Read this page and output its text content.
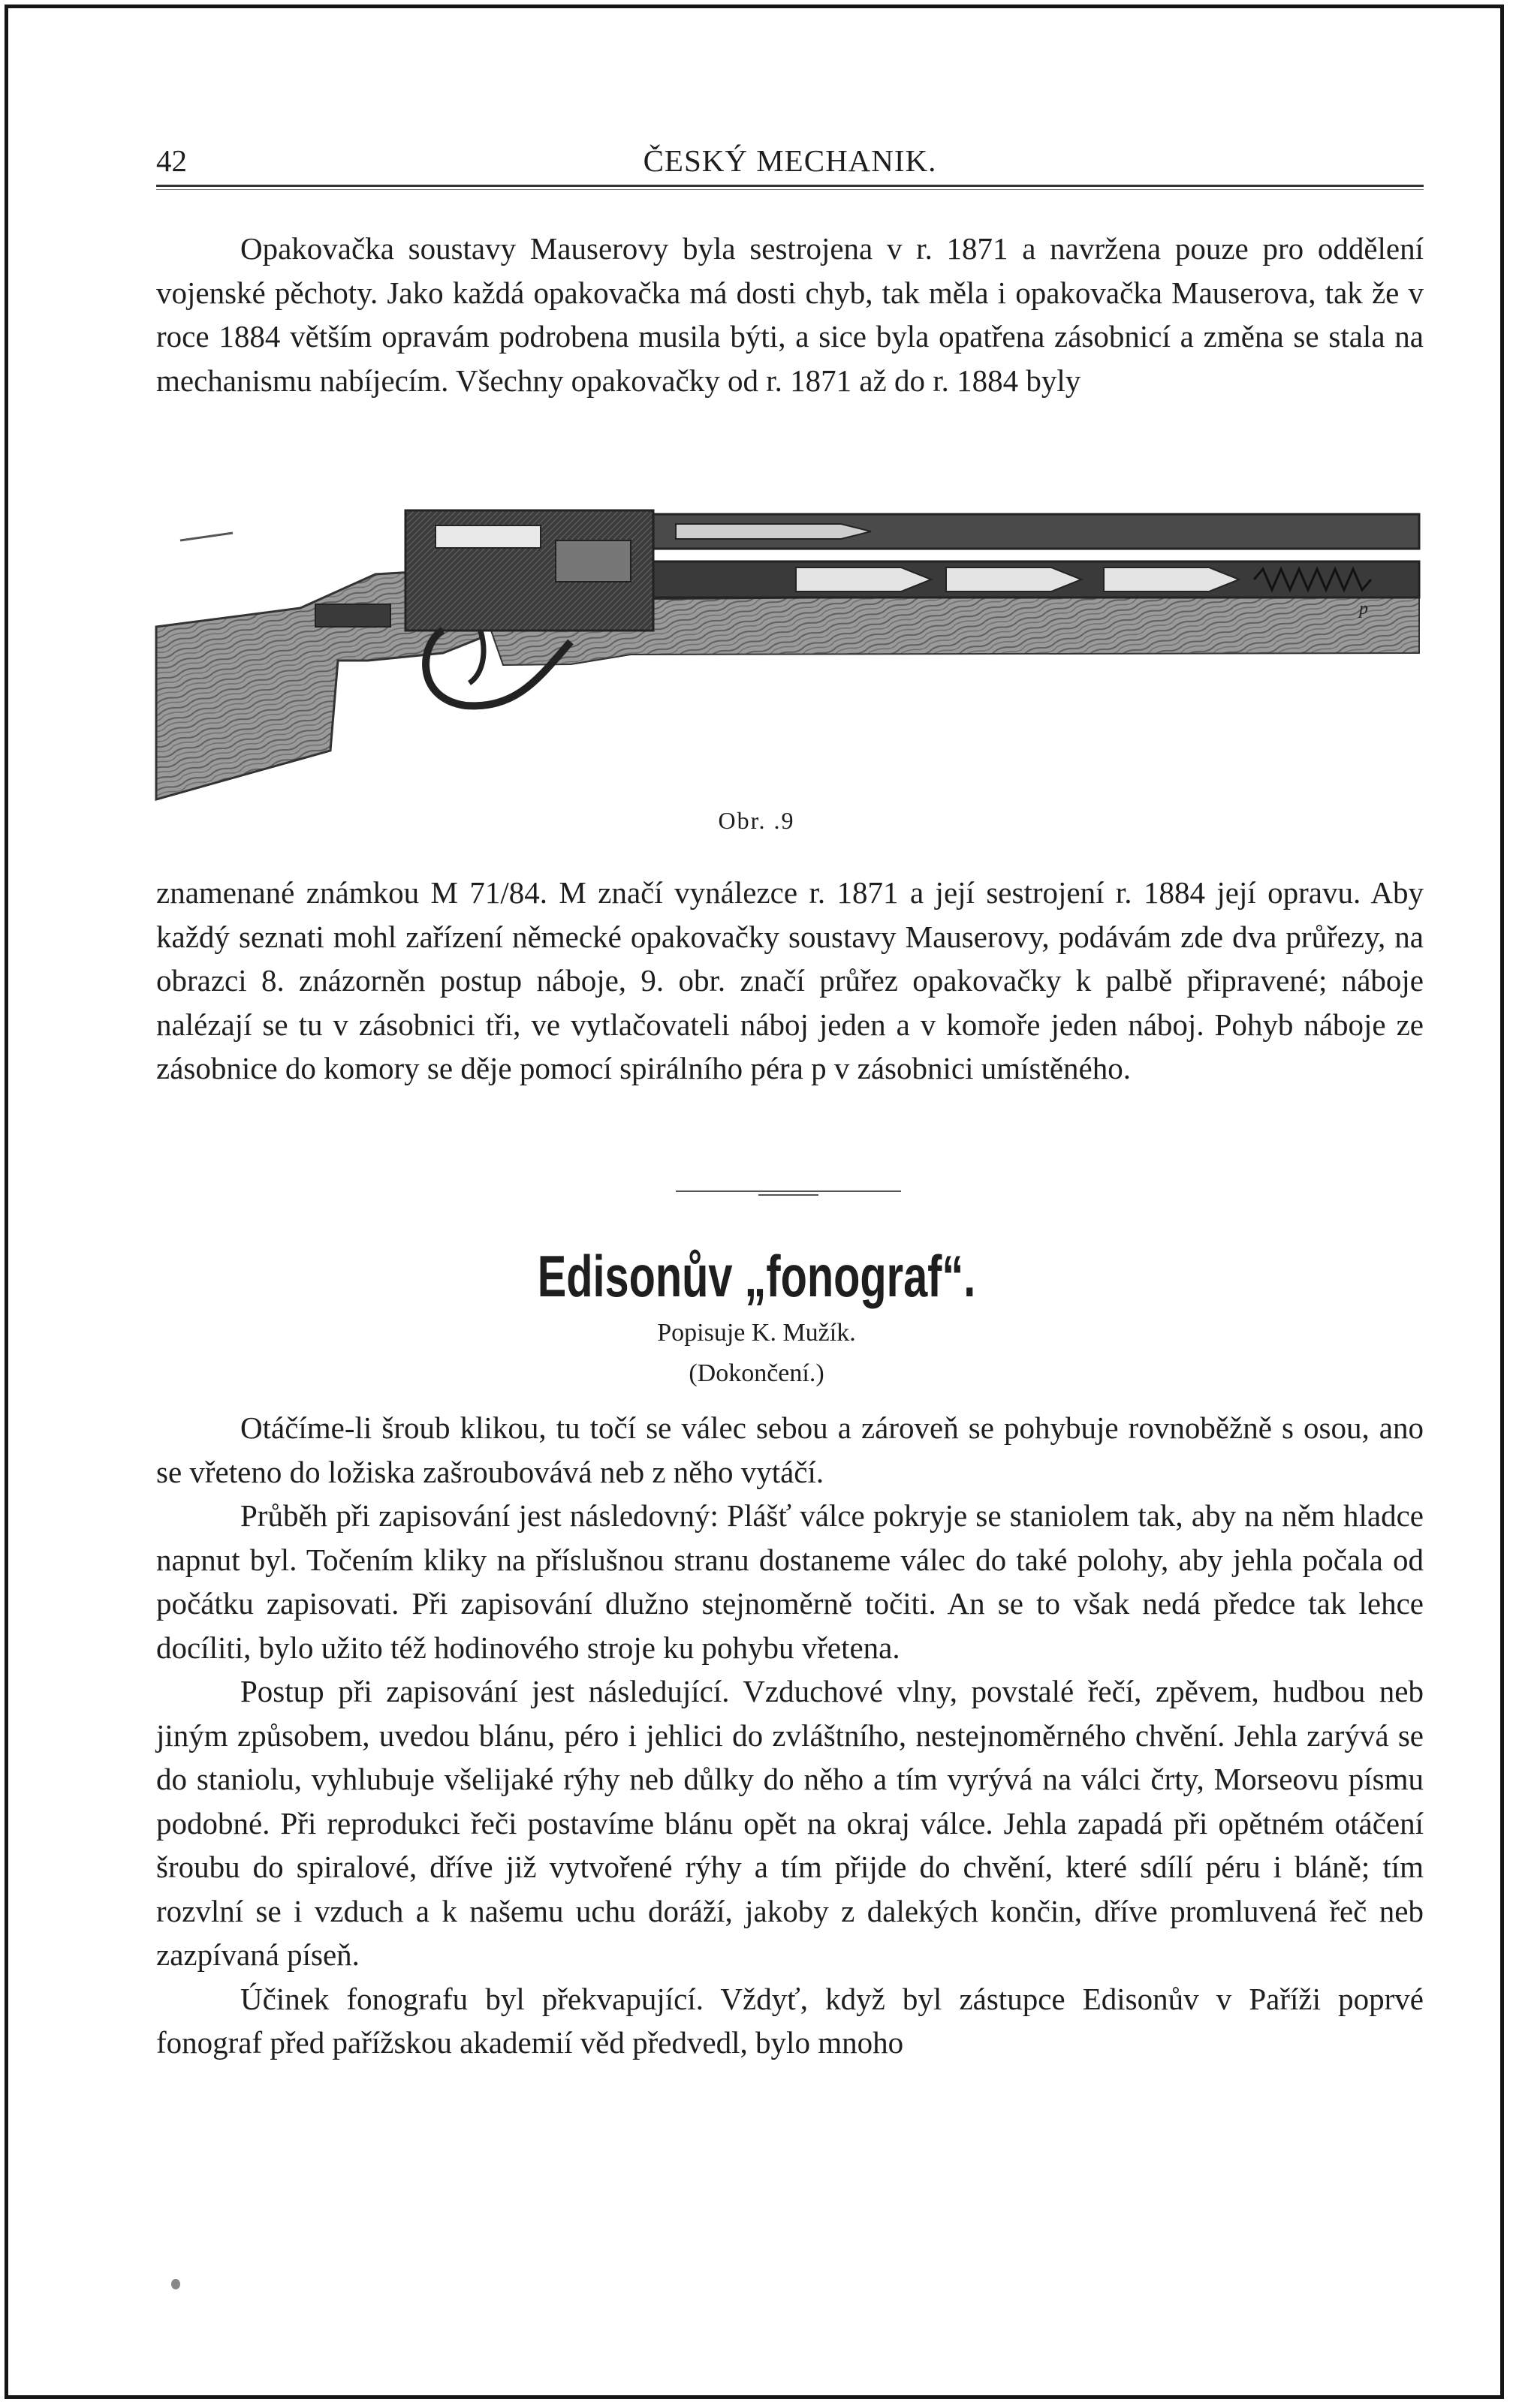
42	ČESKÝ MECHANIK.

Opakovačka soustavy Mauserovy byla sestrojena v r. 1871 a navržena pouze pro oddělení vojenské pěchoty. Jako každá opakovačka má dosti chyb, tak měla i opakovačka Mauserova, tak že v roce 1884 větším opravám podrobena musila býti, a sice byla opatřena zásobnicí a změna se stala na mechanismu nabíjecím. Všechny opakovačky od r. 1871 až do r. 1884 byly

p
Obr. .9

znamenané známkou M 71/84. M značí vynálezce r. 1871 a její sestrojení r. 1884 její opravu. Aby každý seznati mohl zařízení německé opakovačky soustavy Mauserovy, podávám zde dva průřezy, na obrazci 8. znázorněn postup náboje, 9. obr. značí průřez opakovačky k palbě připravené; náboje nalézají se tu v zásobnici tři, ve vytlačovateli náboj jeden a v komoře jeden náboj. Pohyb náboje ze zásobnice do komory se děje pomocí spirálního péra p v zásobnici umístěného.

Edisonův „fonograf“.
Popisuje K. Mužík.
(Dokončení.)

Otáčíme-li šroub klikou, tu točí se válec sebou a zároveň se pohybuje rovnoběžně s osou, ano se vřeteno do ložiska zašroubovává neb z něho vytáčí.

Průběh při zapisování jest následovný: Plášť válce pokryje se staniolem tak, aby na něm hladce napnut byl. Točením kliky na příslušnou stranu dostaneme válec do také polohy, aby jehla počala od počátku zapisovati. Při zapisování dlužno stejnoměrně točiti. An se to však nedá předce tak lehce docíliti, bylo užito též hodinového stroje ku pohybu vřetena.

Postup při zapisování jest následující. Vzduchové vlny, povstalé řečí, zpěvem, hudbou neb jiným způsobem, uvedou blánu, péro i jehlici do zvláštního, nestejnoměrného chvění. Jehla zarývá se do staniolu, vyhlubuje všelijaké rýhy neb důlky do něho a tím vyrývá na válci črty, Morseovu písmu podobné. Při reprodukci řeči postavíme blánu opět na okraj válce. Jehla zapadá při opětném otáčení šroubu do spiralové, dříve již vytvořené rýhy a tím přijde do chvění, které sdílí péru i bláně; tím rozvlní se i vzduch a k našemu uchu doráží, jakoby z dalekých končin, dříve promluvená řeč neb zazpívaná píseň.

Účinek fonografu byl překvapující. Vždyť, když byl zástupce Edisonův v Paříži poprvé fonograf před pařížskou akademií věd předvedl, bylo mnoho
